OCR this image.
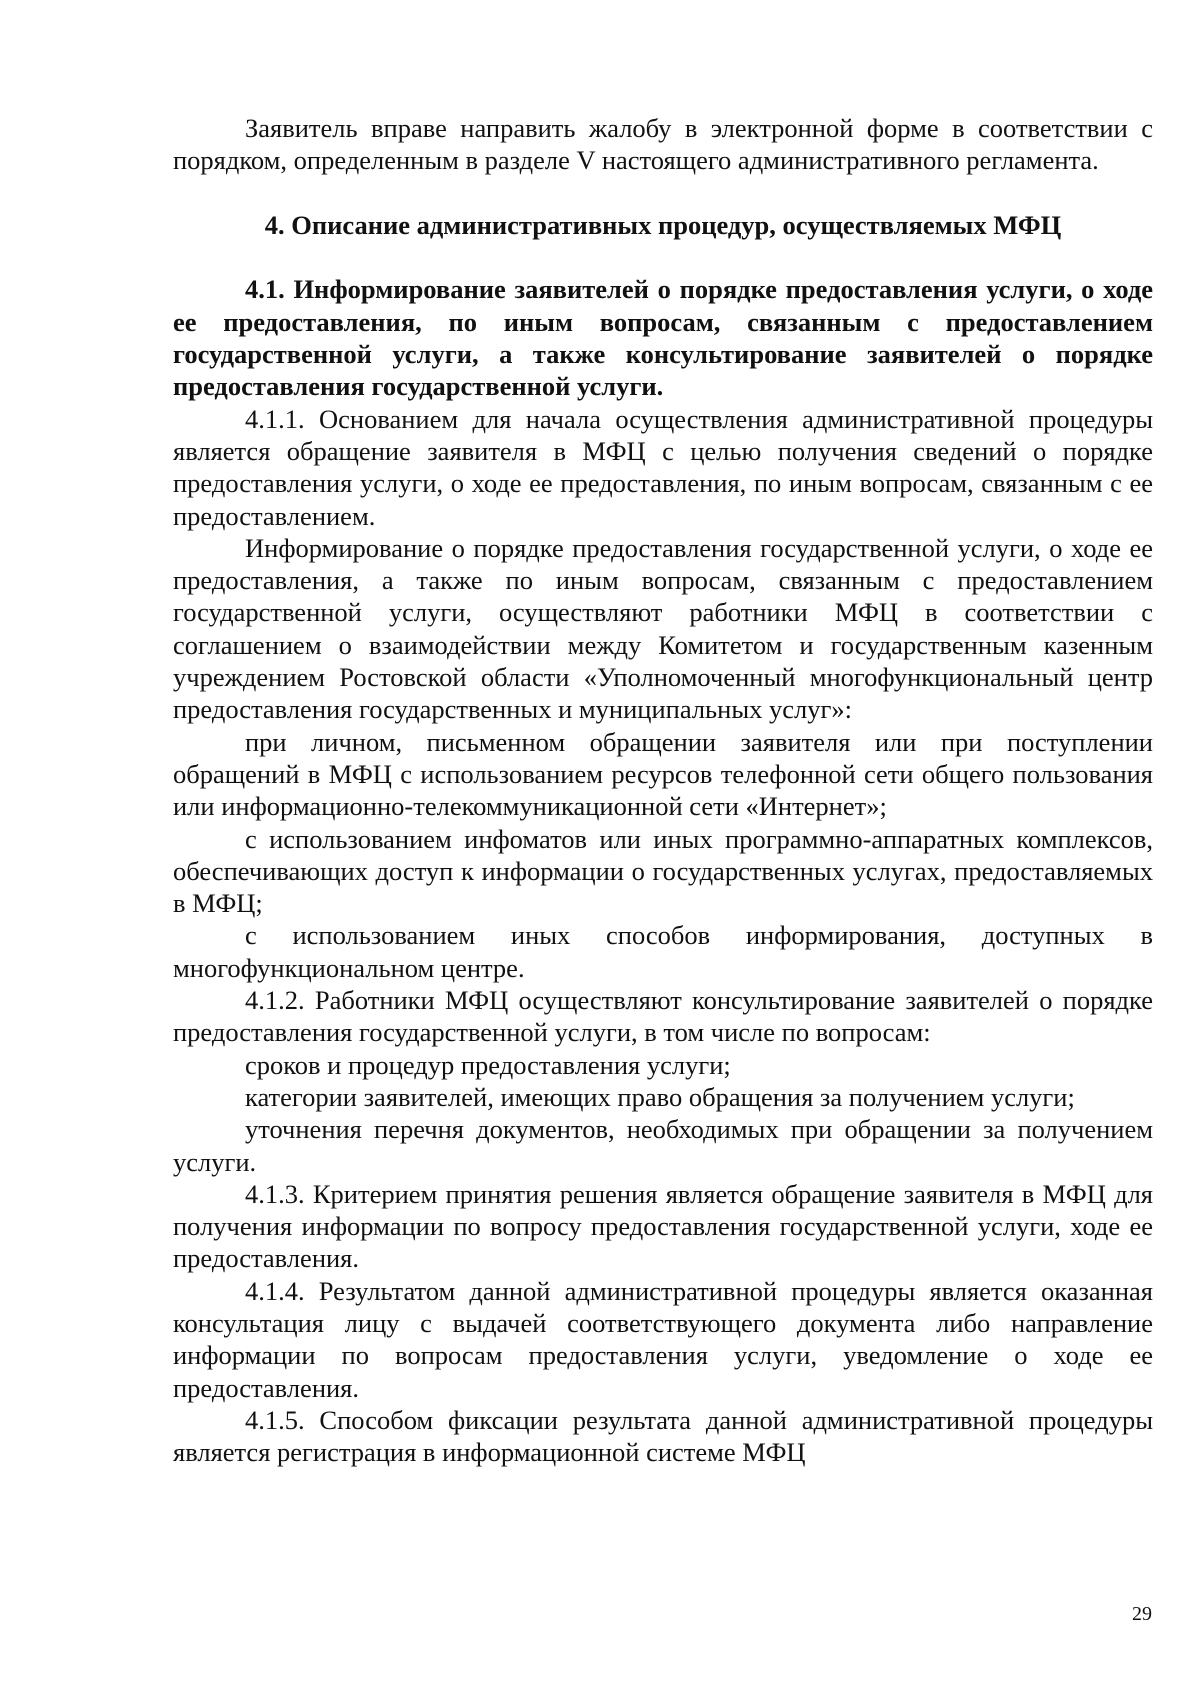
Заявитель вправе направить жалобу в электронной форме в соответствии с порядком, определенным в разделе V настоящего административного регламента.

4. Описание административных процедур, осуществляемых МФЦ

4.1. Информирование заявителей о порядке предоставления услуги, о ходе ее предоставления, по иным вопросам, связанным с предоставлением государственной услуги, а также консультирование заявителей о порядке предоставления государственной услуги.

4.1.1. Основанием для начала осуществления административной процедуры является обращение заявителя в МФЦ с целью получения сведений о порядке предоставления услуги, о ходе ее предоставления, по иным вопросам, связанным с ее предоставлением.

Информирование о порядке предоставления государственной услуги, о ходе ее предоставления, а также по иным вопросам, связанным с предоставлением государственной услуги, осуществляют работники МФЦ в соответствии с соглашением о взаимодействии между Комитетом и государственным казенным учреждением Ростовской области «Уполномоченный многофункциональный центр предоставления государственных и муниципальных услуг»:

при личном, письменном обращении заявителя или при поступлении обращений в МФЦ с использованием ресурсов телефонной сети общего пользования или информационно-телекоммуникационной сети «Интернет»;

с использованием инфоматов или иных программно-аппаратных комплексов, обеспечивающих доступ к информации о государственных услугах, предоставляемых в МФЦ;

с использованием иных способов информирования, доступных в многофункциональном центре.

4.1.2. Работники МФЦ осуществляют консультирование заявителей о порядке предоставления государственной услуги, в том числе по вопросам:

сроков и процедур предоставления услуги;

категории заявителей, имеющих право обращения за получением услуги;

уточнения перечня документов, необходимых при обращении за получением услуги.

4.1.3. Критерием принятия решения является обращение заявителя в МФЦ для получения информации по вопросу предоставления государственной услуги, ходе ее предоставления.

4.1.4. Результатом данной административной процедуры является оказанная консультация лицу с выдачей соответствующего документа либо направление информации по вопросам предоставления услуги, уведомление о ходе ее предоставления.

4.1.5. Способом фиксации результата данной административной процедуры является регистрация в информационной системе МФЦ

29
